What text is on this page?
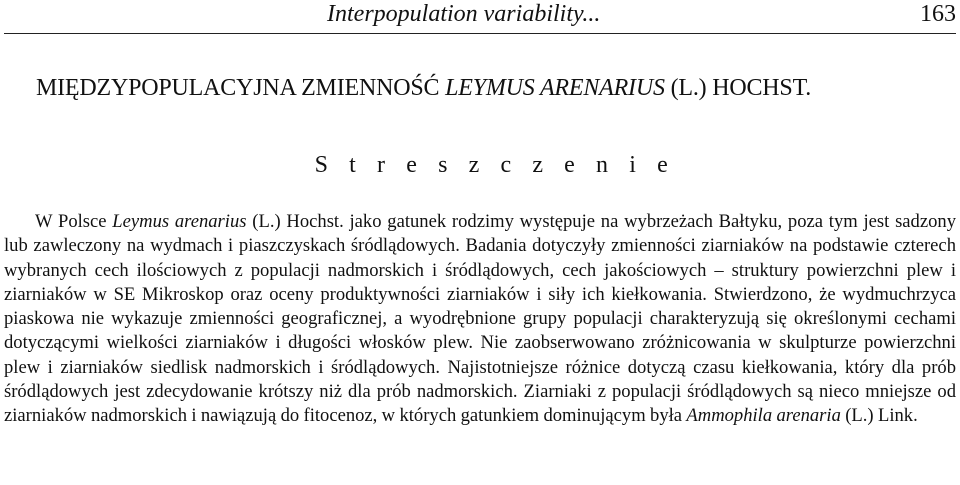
Interpopulation variability...	163
MIĘDZYPOPULACYJNA ZMIENNOŚĆ LEYMUS ARENARIUS (L.) HOCHST.
S t r e s z c z e n i e

W Polsce Leymus arenarius (L.) Hochst. jako gatunek rodzimy występuje na wybrzeżach Bałtyku, poza tym jest sadzony lub zawleczony na wydmach i piaszczyskach śródlądowych. Badania dotyczyły zmienności ziarniaków na podstawie czterech wybranych cech ilościowych z populacji nadmorskich i śródlądowych, cech jakościowych – struktury powierzchni plew i ziarniaków w SE Mikroskop oraz oceny produktywności ziarniaków i siły ich kiełkowania. Stwierdzono, że wydmuchrzyca piaskowa nie wykazuje zmienności geograficznej, a wyodrębnione grupy populacji charakteryzują się określonymi cechami dotyczącymi wielkości ziarniaków i długości włosków plew. Nie zaobserwowano zróżnicowania w skulpturze powierzchni plew i ziarniaków siedlisk nadmorskich i śródlądowych. Najistotniejsze różnice dotyczą czasu kiełkowania, który dla prób śródlądowych jest zdecydowanie krótszy niż dla prób nadmorskich. Ziarniaki z populacji śródlądowych są nieco mniejsze od ziarniaków nadmorskich i nawiązują do fitocenoz, w których gatunkiem dominującym była Ammophila arenaria (L.) Link.
